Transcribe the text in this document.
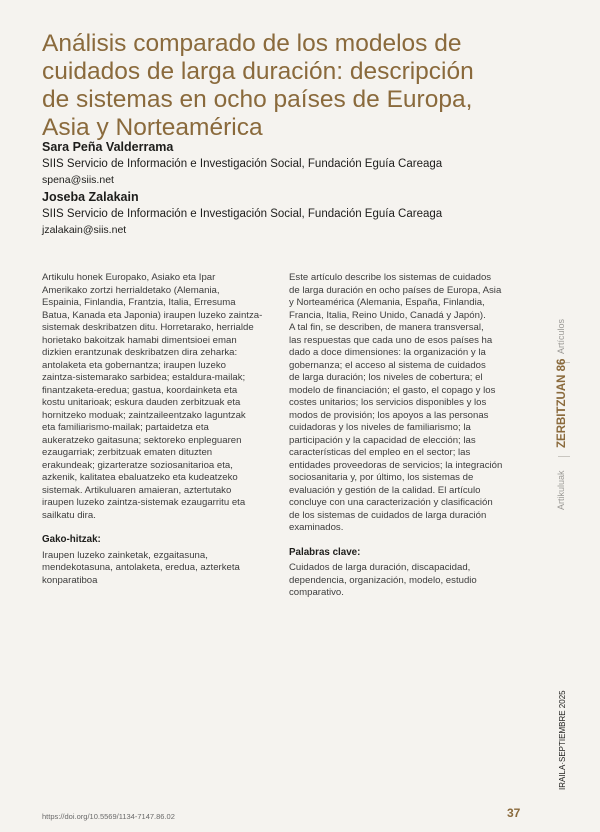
Análisis comparado de los modelos de
cuidados de larga duración: descripción
de sistemas en ocho países de Europa,
Asia y Norteamérica
Sara Peña Valderrama
SIIS Servicio de Información e Investigación Social, Fundación Eguía Careaga
spena@siis.net
Joseba Zalakain
SIIS Servicio de Información e Investigación Social, Fundación Eguía Careaga
jzalakain@siis.net
Artikulu honek Europako, Asiako eta Ipar
Amerikako zortzi herrialdetako (Alemania,
Espainia, Finlandia, Frantzia, Italia, Erresuma
Batua, Kanada eta Japonia) iraupen luzeko zaintza-
sistemak deskribatzen ditu. Horretarako, herrialde
horietako bakoitzak hamabi dimentsioei eman
dizkien erantzunak deskribatzen dira zeharka:
antolaketa eta gobernantza; iraupen luzeko
zaintza-sistemarako sarbidea; estaldura-mailak;
finantzaketa-eredua; gastua, koordainketa eta
kostu unitarioak; eskura dauden zerbitzuak eta
hornitzeko moduak; zaintzaileentzako laguntzak
eta familiarismo-mailak; partaidetza eta
aukeratzeko gaitasuna; sektoreko enpleguaren
ezaugarriak; zerbitzuak ematen dituzten
erakundeak; gizarteratze soziosanitarioa eta,
azkenik, kalitatea ebaluatzeko eta kudeatzeko
sistemak. Artikuluaren amaieran, aztertutako
iraupen luzeko zaintza-sistemak ezaugarritu eta
sailkatu dira.
Gako-hitzak:
Iraupen luzeko zainketak, ezgaitasuna,
mendekotasuna, antolaketa, eredua, azterketa
konparatiboa
Este artículo describe los sistemas de cuidados
de larga duración en ocho países de Europa, Asia
y Norteamérica (Alemania, España, Finlandia,
Francia, Italia, Reino Unido, Canadá y Japón).
A tal fin, se describen, de manera transversal,
las respuestas que cada uno de esos países ha
dado a doce dimensiones: la organización y la
gobernanza; el acceso al sistema de cuidados
de larga duración; los niveles de cobertura; el
modelo de financiación; el gasto, el copago y los
costes unitarios; los servicios disponibles y los
modos de provisión; los apoyos a las personas
cuidadoras y los niveles de familiarismo; la
participación y la capacidad de elección; las
características del empleo en el sector; las
entidades proveedoras de servicios; la integración
sociosanitaria y, por último, los sistemas de
evaluación y gestión de la calidad. El artículo
concluye con una caracterización y clasificación
de los sistemas de cuidados de larga duración
examinados.
Palabras clave:
Cuidados de larga duración, discapacidad,
dependencia, organización, modelo, estudio
comparativo.
Artículos
ZERBITZUAN 86
Artikuluak
IRAILA·SEPTIEMBRE 2025
https://doi.org/10.5569/1134-7147.86.02	37
